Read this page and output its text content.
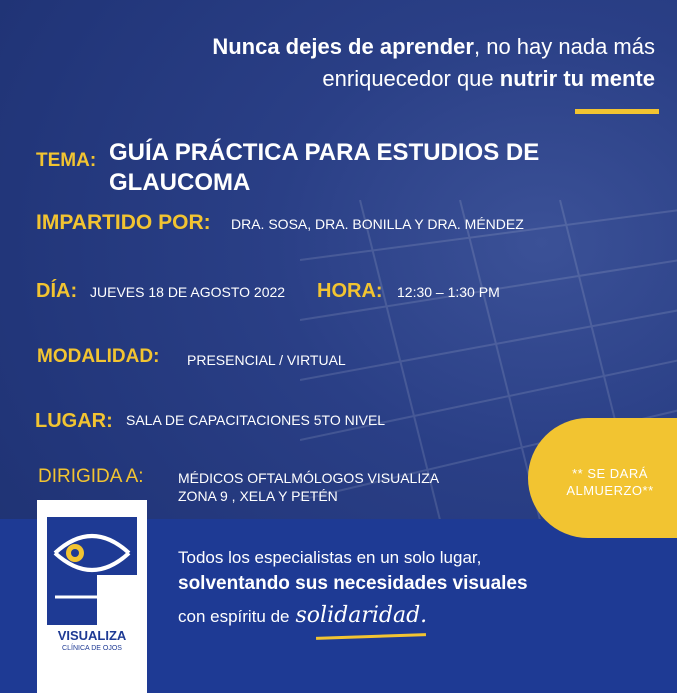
Nunca dejes de aprender, no hay nada más
enriquecedor que nutrir tu mente
TEMA: GUÍA PRÁCTICA PARA ESTUDIOS DE
GLAUCOMA
IMPARTIDO POR: DRA. SOSA, DRA. BONILLA Y DRA. MÉNDEZ
DÍA: JUEVES 18 DE AGOSTO 2022 HORA: 12:30 – 1:30 PM
MODALIDAD: PRESENCIAL / VIRTUAL
LUGAR: SALA DE CAPACITACIONES 5TO NIVEL
DIRIGIDA A: MÉDICOS OFTALMÓLOGOS VISUALIZA
ZONA 9 , XELA Y PETÉN
** SE DARÁ
ALMUERZO**
VISUALIZA
CLÍNICA DE OJOS
Todos los especialistas en un solo lugar,
solventando sus necesidades visuales
con espíritu de solidaridad.
